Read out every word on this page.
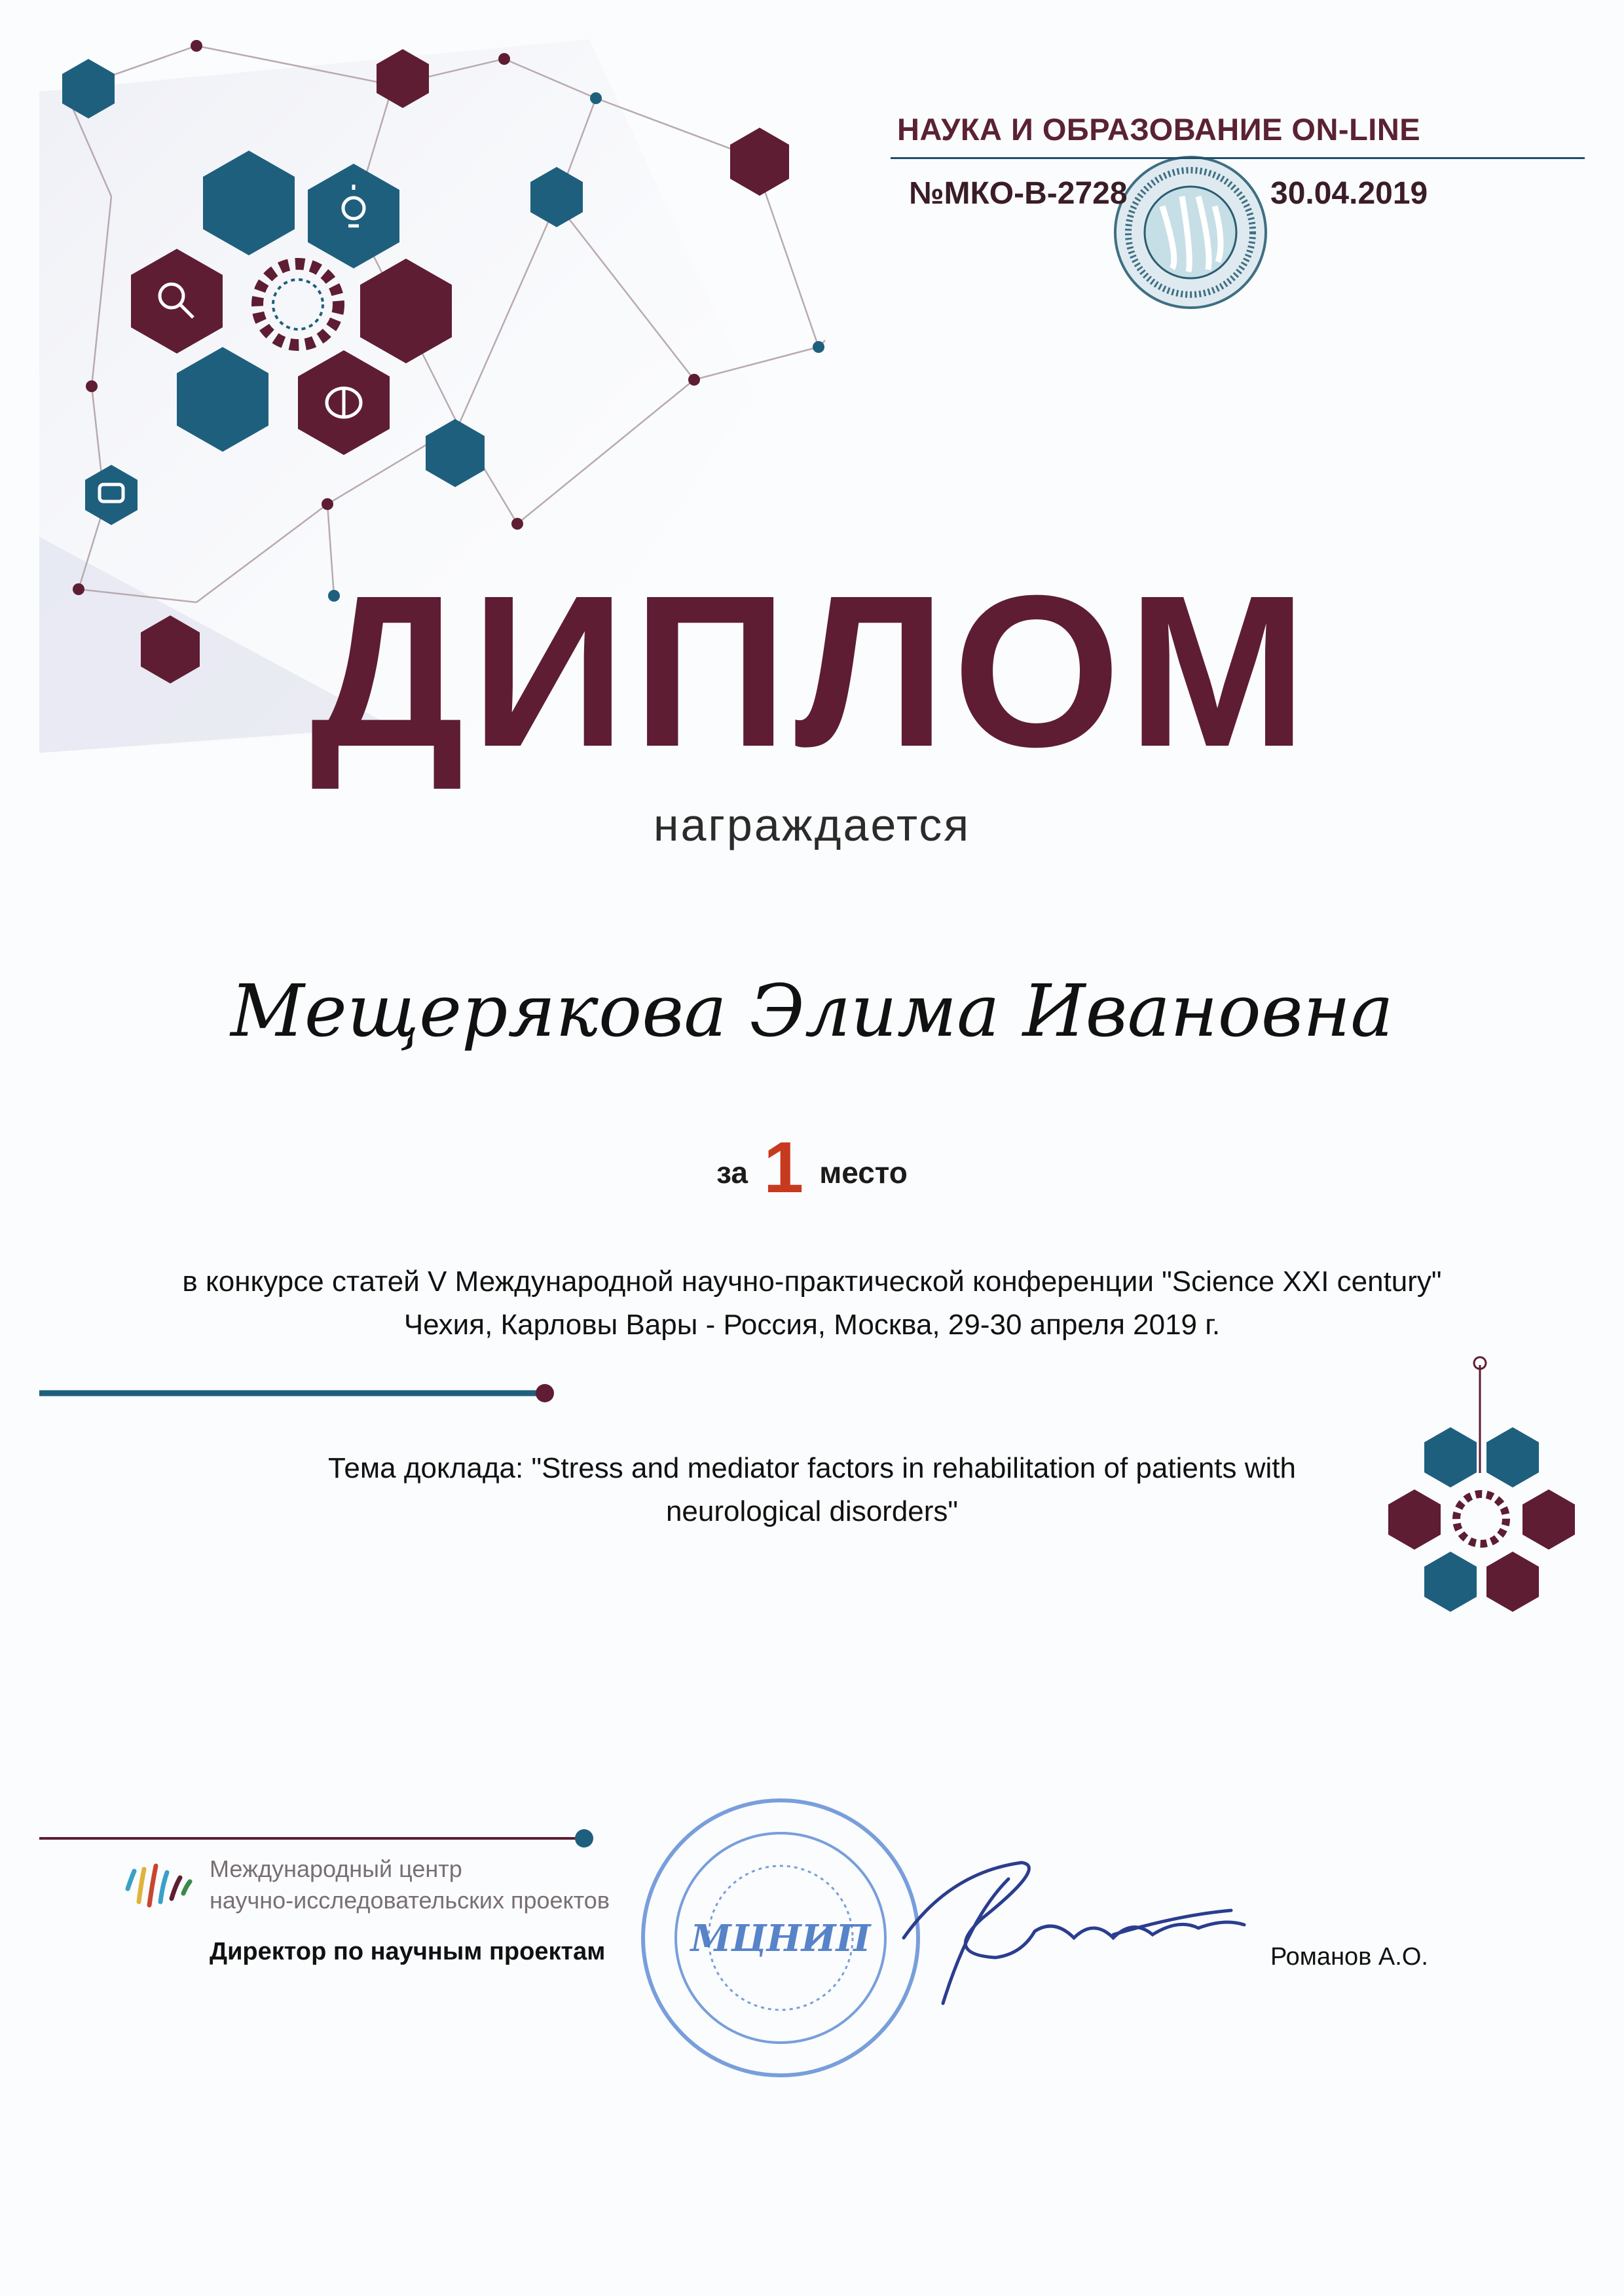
НАУКА И ОБРАЗОВАНИЕ ON-LINE
№МКО-В-2728	30.04.2019
ДИПЛОМ
награждается
Мещерякова Элима Ивановна
за 1 место
в конкурсе статей V Международной научно-практической конференции "Science XXI century"
Чехия, Карловы Вары - Россия, Москва, 29-30 апреля 2019 г.
Тема доклада: "Stress and mediator factors in rehabilitation of patients with neurological disorders"
Международный центр
научно-исследовательских проектов
Директор по научным проектам МЦНИП	Романов А.О.
